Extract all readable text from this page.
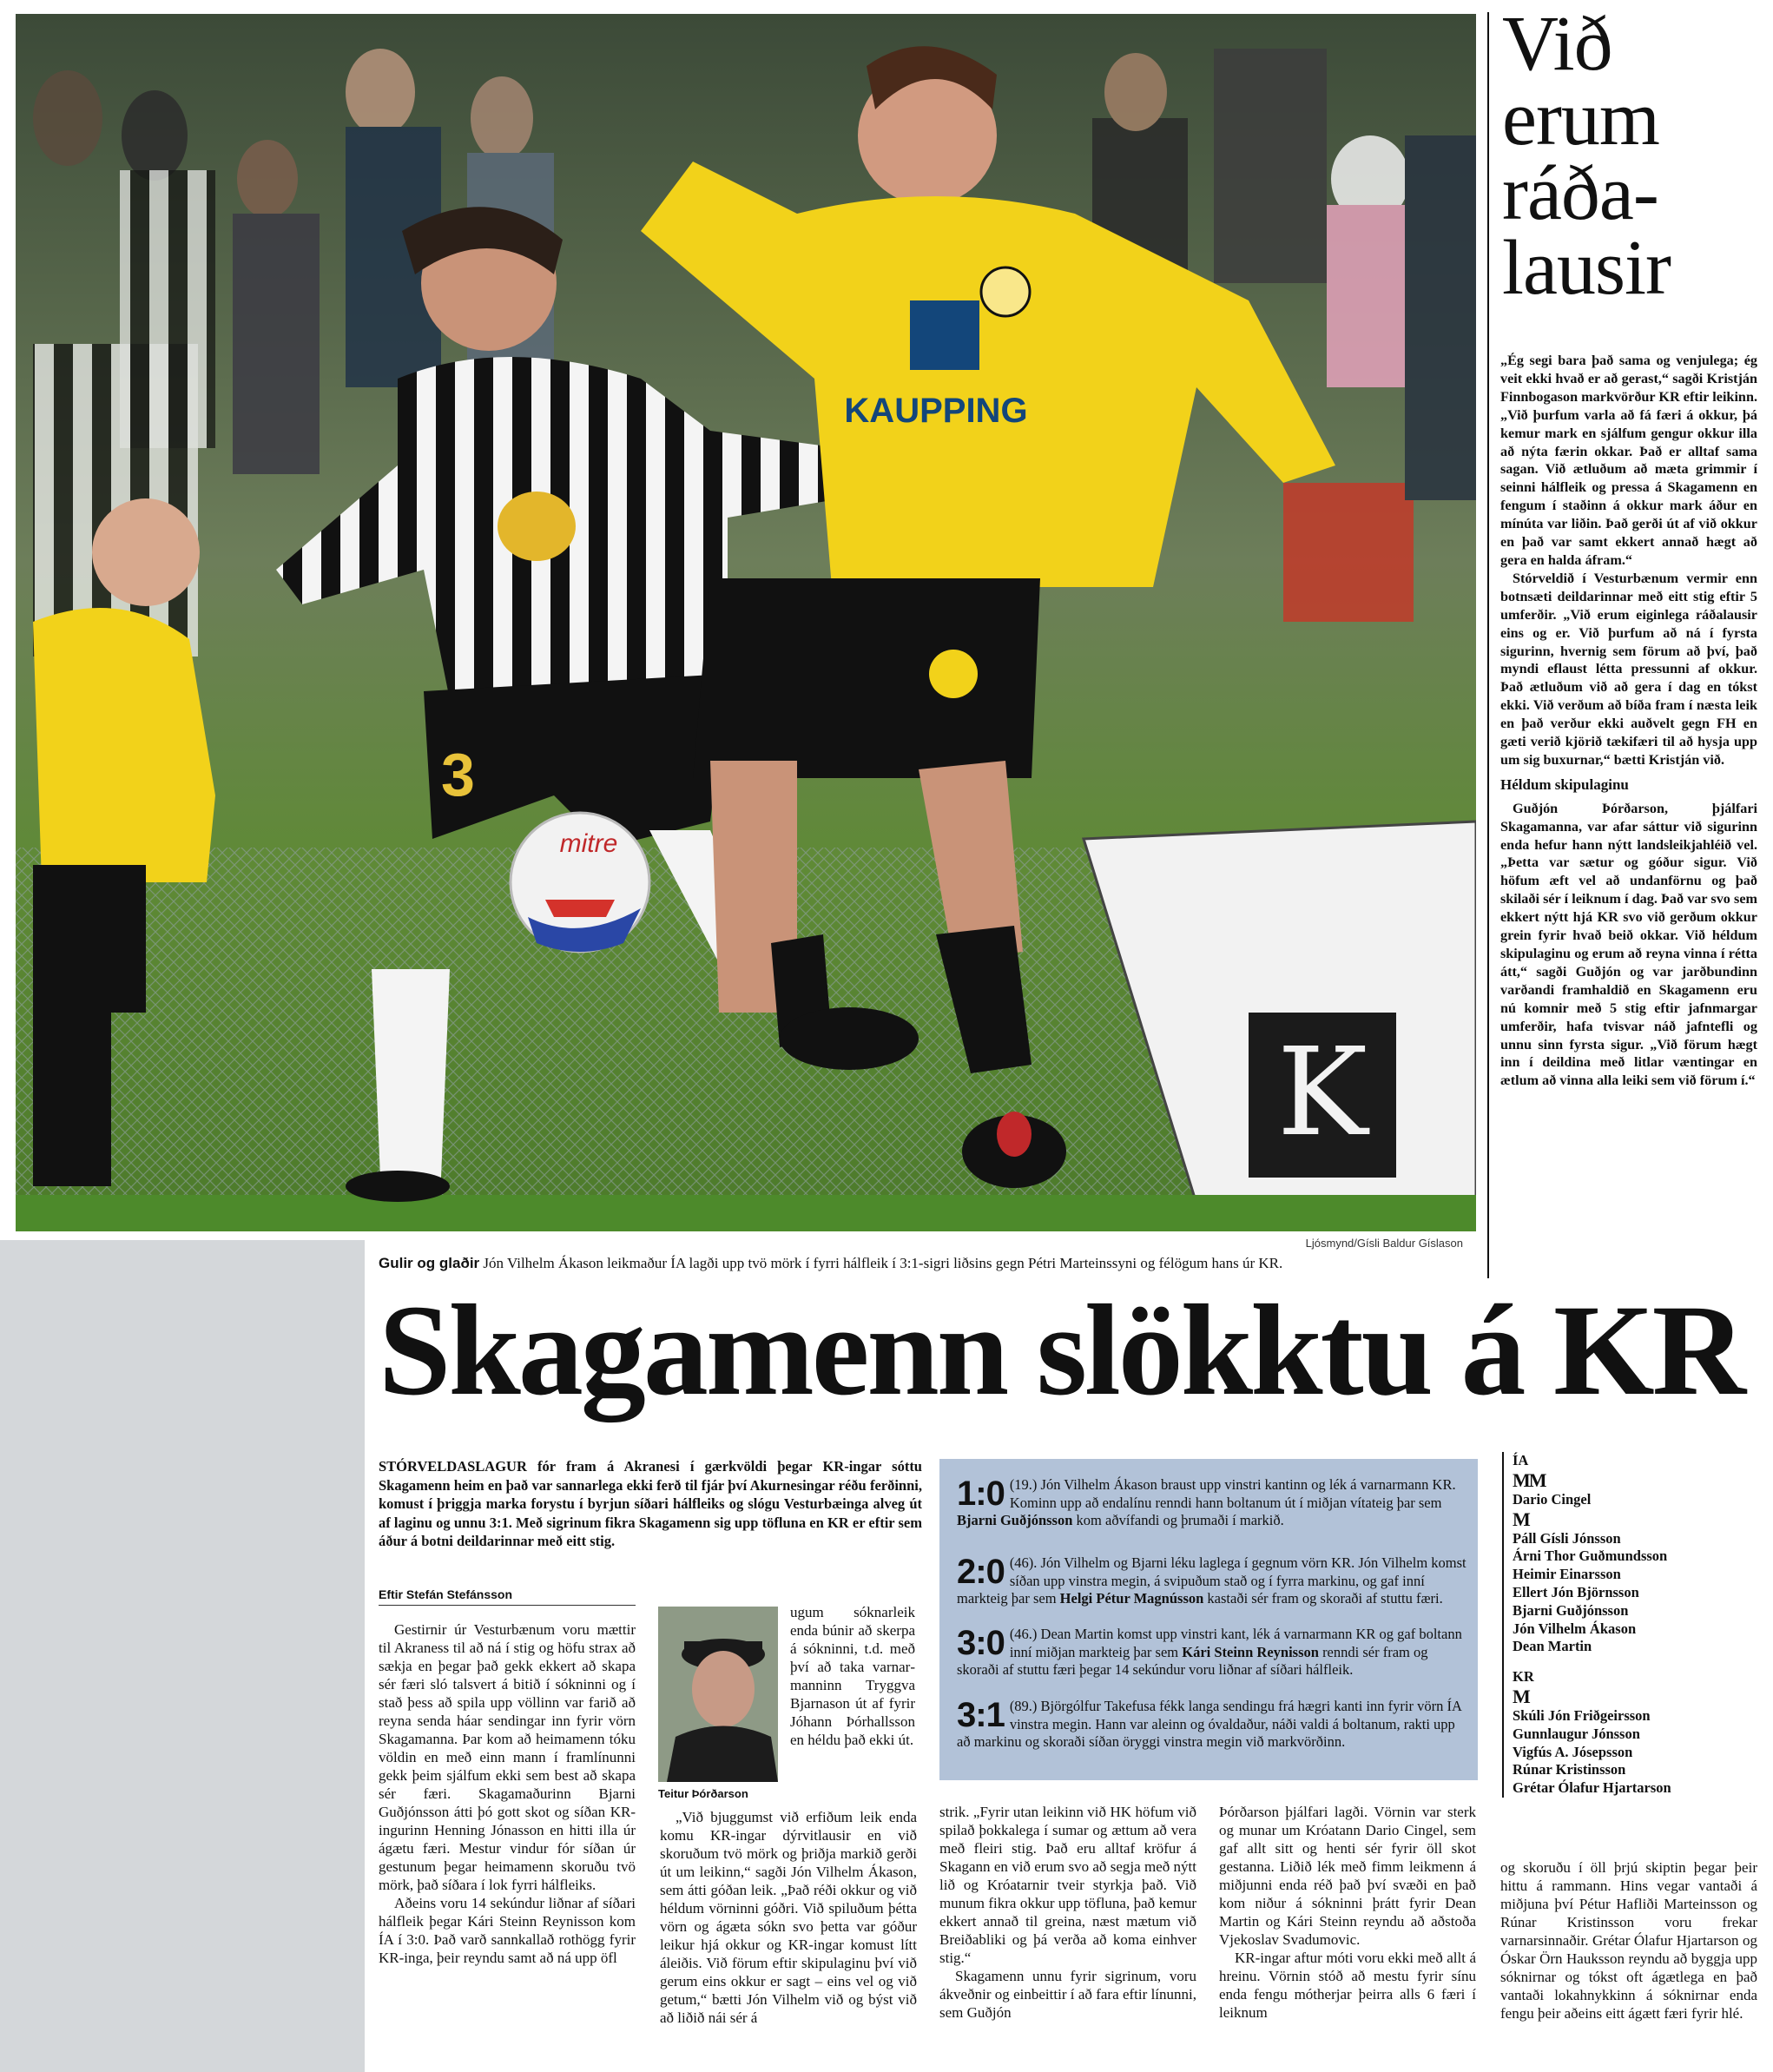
K
3
KAUPPING
mitre
Ljósmynd/Gísli Baldur Gíslason
Gulir og glaðir Jón Vilhelm Ákason leikmaður ÍA lagði upp tvö mörk í fyrri hálfleik í 3:1-sigri liðsins gegn Pétri Marteinssyni og félögum hans úr KR.
Við
erum
ráða-
lausir

„Ég segi bara það sama og venjulega; ég veit ekki hvað er að gerast,“ sagði Kristján Finnbogason markvörður KR eftir leikinn. „Við þurfum varla að fá færi á okkur, þá kemur mark en sjálfum gengur okkur illa að nýta færin okkar. Það er alltaf sama sagan. Við ætluðum að mæta grimmir í seinni hálfleik og pressa á Skagamenn en fengum í staðinn á okkur mark áður en mínúta var liðin. Það gerði út af við okkur en það var samt ekkert annað hægt að gera en halda áfram.“

Stórveldið í Vesturbænum vermir enn botnsæti deildarinnar með eitt stig eftir 5 umferðir. „Við erum eiginlega ráðalausir eins og er. Við þurfum að ná í fyrsta sigurinn, hvernig sem förum að því, það myndi eflaust létta pressunni af okkur. Það ætluðum við að gera í dag en tókst ekki. Við verðum að bíða fram í næsta leik en það verður ekki auðvelt gegn FH en gæti verið kjörið tækifæri til að hysja upp um sig buxurnar,“ bætti Kristján við.

Héldum skipulaginu

Guðjón Þórðarson, þjálfari Skagamanna, var afar sáttur við sigurinn enda hefur hann nýtt landsleikjahléið vel. „Þetta var sætur og góður sigur. Við höfum æft vel að undanförnu og það skilaði sér í leiknum í dag. Það var svo sem ekkert nýtt hjá KR svo við gerðum okkur grein fyrir hvað beið okkar. Við héldum skipulaginu og erum að reyna vinna í rétta átt,“ sagði Guðjón og var jarðbundinn varðandi framhaldið en Skagamenn eru nú komnir með 5 stig eftir jafnmargar umferðir, hafa tvisvar náð jafntefli og unnu sinn fyrsta sigur. „Við förum hægt inn í deildina með litlar væntingar en ætlum að vinna alla leiki sem við förum í.“

Skagamenn slökktu á KR
STÓRVELDASLAGUR fór fram á Akranesi í gærkvöldi þegar KR-ingar sóttu Skagamenn heim en það var sannarlega ekki ferð til fjár því Akurnesingar réðu ferðinni, komust í þriggja marka forystu í byrjun síðari hálfleiks og slógu Vesturbæinga alveg út af laginu og unnu 3:1. Með sigrinum fikra Skagamenn sig upp töfluna en KR er eftir sem áður á botni deildarinnar með eitt stig.
Eftir Stefán Stefánsson

Gestirnir úr Vesturbænum voru mættir til Akraness til að ná í stig og höfu strax að sækja en þegar það gekk ekkert að skapa sér færi sló talsvert á bitið í sókninni og í stað þess að spila upp völlinn var farið að reyna senda háar sendingar inn fyrir vörn Skagamanna. Þar kom að heimamenn tóku völdin en með einn mann í framlínunni gekk þeim sjálfum ekki sem best að skapa sér færi. Skagamaðurinn Bjarni Guðjónsson átti þó gott skot og síðan KR-ingurinn Henning Jónasson en hitti illa úr ágætu færi. Mestur vindur fór síðan úr gestunum þegar heimamenn skoruðu tvö mörk, það síðara í lok fyrri hálfleiks.

Aðeins voru 14 sekúndur liðnar af síðari hálfleik þegar Kári Steinn Reynisson kom ÍA í 3:0. Það varð sannkallað rothögg fyrir KR-inga, þeir reyndu samt að ná upp öfl

Teitur Þórðarson

ugum sóknarleik enda búnir að skerpa á sókninni, t.d. með því að taka varnarmanninn Tryggva Bjarnason út af fyrir Jóhann Þórhallsson en héldu það ekki út.

„Við bjuggumst við erfiðum leik enda komu KR-ingar dýrvitlausir en við skoruðum tvö mörk og þriðja markið gerði út um leikinn,“ sagði Jón Vilhelm Ákason, sem átti góðan leik. „Það réði okkur og við héldum vörninni góðri. Við spiluðum þétta vörn og ágæta sókn svo þetta var góður leikur hjá okkur og KR-ingar komust lítt áleiðis. Við förum eftir skipulaginu því við gerum eins okkur er sagt – eins vel og við getum,“ bætti Jón Vilhelm við og býst við að liðið nái sér á

1:0 (19.) Jón Vilhelm Ákason braust upp vinstri kantinn og lék á varnarmann KR. Kominn upp að endalínu renndi hann boltanum út í miðjan vítateig þar sem Bjarni Guðjónsson kom aðvífandi og þrumaði í markið.
2:0 (46). Jón Vilhelm og Bjarni léku laglega í gegnum vörn KR. Jón Vilhelm komst síðan upp vinstra megin, á svipuðum stað og í fyrra markinu, og gaf inní markteig þar sem Helgi Pétur Magnússon kastaði sér fram og skoraði af stuttu færi.
3:0 (46.) Dean Martin komst upp vinstri kant, lék á varnarmann KR og gaf boltann inní miðjan markteig þar sem Kári Steinn Reynisson renndi sér fram og skoraði af stuttu færi þegar 14 sekúndur voru liðnar af síðari hálfleik.
3:1 (89.) Björgólfur Takefusa fékk langa sendingu frá hægri kanti inn fyrir vörn ÍA vinstra megin. Hann var aleinn og óvaldaður, náði valdi á boltanum, rakti upp að markinu og skoraði síðan öryggi vinstra megin við markvörðinn.
ÍA
MM
Dario Cingel
M
Páll Gísli Jónsson
Árni Thor Guðmundsson
Heimir Einarsson
Ellert Jón Björnsson
Bjarni Guðjónsson
Jón Vilhelm Ákason
Dean Martin
KR
M
Skúli Jón Friðgeirsson
Gunnlaugur Jónsson
Vigfús A. Jósepsson
Rúnar Kristinsson
Grétar Ólafur Hjartarson

strik. „Fyrir utan leikinn við HK höfum við spilað þokkalega í sumar og ættum að vera með fleiri stig. Það eru alltaf kröfur á Skagann en við erum svo að segja með nýtt lið og Króatarnir tveir styrkja það. Við munum fikra okkur upp töfluna, það kemur ekkert annað til greina, næst mætum við Breiðabliki og þá verða að koma einhver stig.“

Skagamenn unnu fyrir sigrinum, voru ákveðnir og einbeittir í að fara eftir línunni, sem Guðjón

Þórðarson þjálfari lagði. Vörnin var sterk og munar um Króatann Dario Cingel, sem gaf allt sitt og henti sér fyrir öll skot gestanna. Liðið lék með fimm leikmenn á miðjunni enda réð það því svæði en það kom niður á sókninni þrátt fyrir Dean Martin og Kári Steinn reyndu að aðstoða Vjekoslav Svadumovic.

KR-ingar aftur móti voru ekki með allt á hreinu. Vörnin stóð að mestu fyrir sínu enda fengu mótherjar þeirra alls 6 færi í leiknum

og skoruðu í öll þrjú skiptin þegar þeir hittu á rammann. Hins vegar vantaði á miðjuna því Pétur Hafliði Marteinsson og Rúnar Kristinsson voru frekar varnarsinnaðir. Grétar Ólafur Hjartarson og Óskar Örn Hauksson reyndu að byggja upp sóknirnar og tókst oft ágætlega en það vantaði lokahnykkinn á sóknirnar enda fengu þeir aðeins eitt ágætt færi fyrir hlé.
